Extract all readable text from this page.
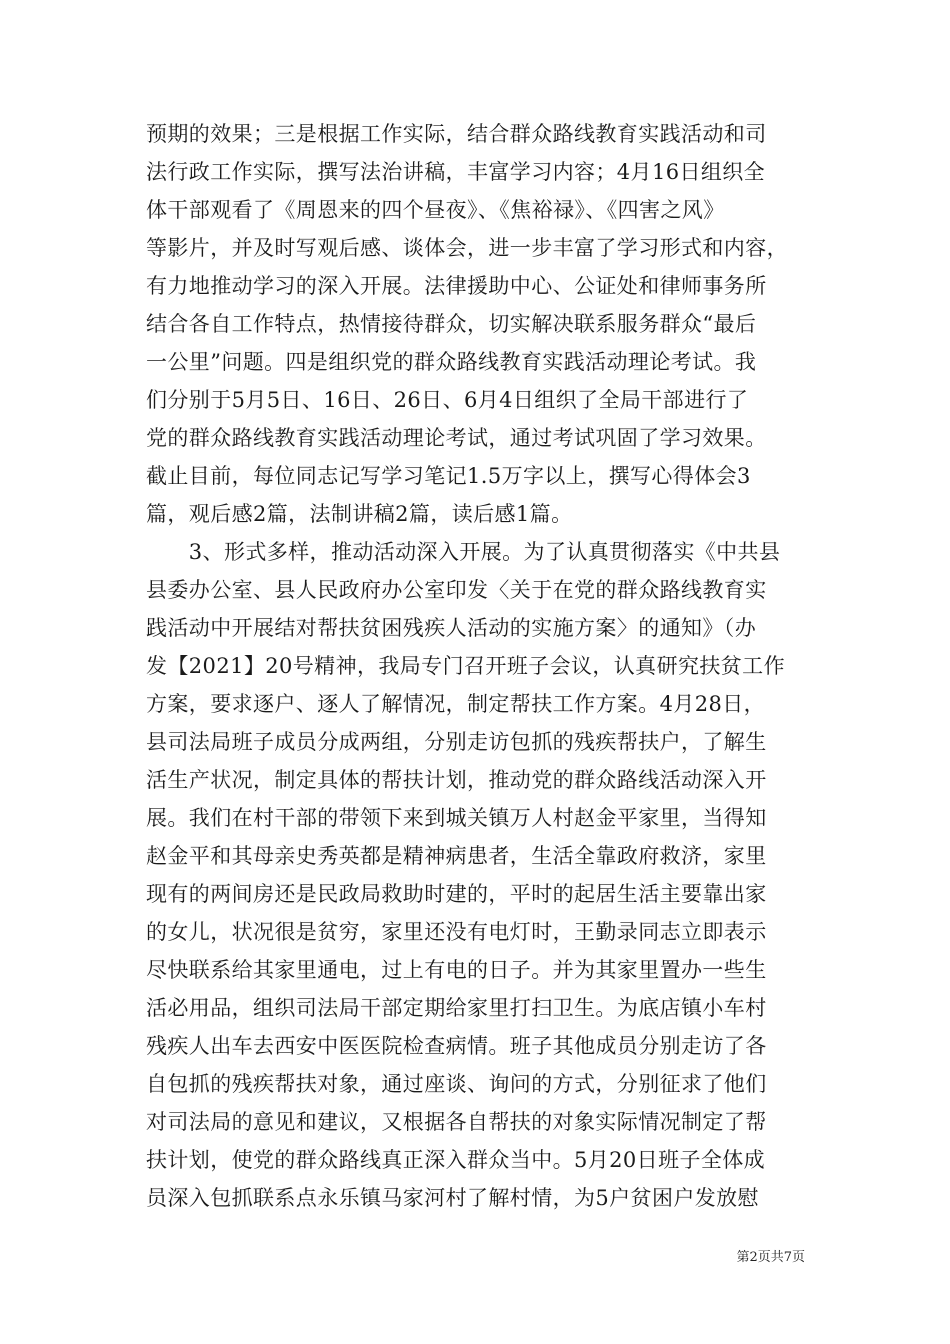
预期的效果；三是根据工作实际，结合群众路线教育实践活动和司
法行政工作实际，撰写法治讲稿，丰富学习内容；4月16日组织全
体干部观看了《周恩来的四个昼夜》、《焦裕禄》、《四害之风》
等影片，并及时写观后感、谈体会，进一步丰富了学习形式和内容，
有力地推动学习的深入开展。法律援助中心、公证处和律师事务所
结合各自工作特点，热情接待群众，切实解决联系服务群众“最后
一公里”问题。四是组织党的群众路线教育实践活动理论考试。我
们分别于5月5日、16日、26日、6月4日组织了全局干部进行了
党的群众路线教育实践活动理论考试，通过考试巩固了学习效果。
截止目前，每位同志记写学习笔记1.5万字以上，撰写心得体会3
篇，观后感2篇，法制讲稿2篇，读后感1篇。
　　3、形式多样，推动活动深入开展。为了认真贯彻落实《中共县
县委办公室、县人民政府办公室印发〈关于在党的群众路线教育实
践活动中开展结对帮扶贫困残疾人活动的实施方案〉的通知》（办
发【2021】20号精神，我局专门召开班子会议，认真研究扶贫工作
方案，要求逐户、逐人了解情况，制定帮扶工作方案。4月28日，
县司法局班子成员分成两组，分别走访包抓的残疾帮扶户，了解生
活生产状况，制定具体的帮扶计划，推动党的群众路线活动深入开
展。我们在村干部的带领下来到城关镇万人村赵金平家里，当得知
赵金平和其母亲史秀英都是精神病患者，生活全靠政府救济，家里
现有的两间房还是民政局救助时建的，平时的起居生活主要靠出家
的女儿，状况很是贫穷，家里还没有电灯时，王勤录同志立即表示
尽快联系给其家里通电，过上有电的日子。并为其家里置办一些生
活必用品，组织司法局干部定期给家里打扫卫生。为底店镇小车村
残疾人出车去西安中医医院检查病情。班子其他成员分别走访了各
自包抓的残疾帮扶对象，通过座谈、询问的方式，分别征求了他们
对司法局的意见和建议，又根据各自帮扶的对象实际情况制定了帮
扶计划，使党的群众路线真正深入群众当中。5月20日班子全体成
员深入包抓联系点永乐镇马家河村了解村情，为5户贫困户发放慰
第2页共7页
